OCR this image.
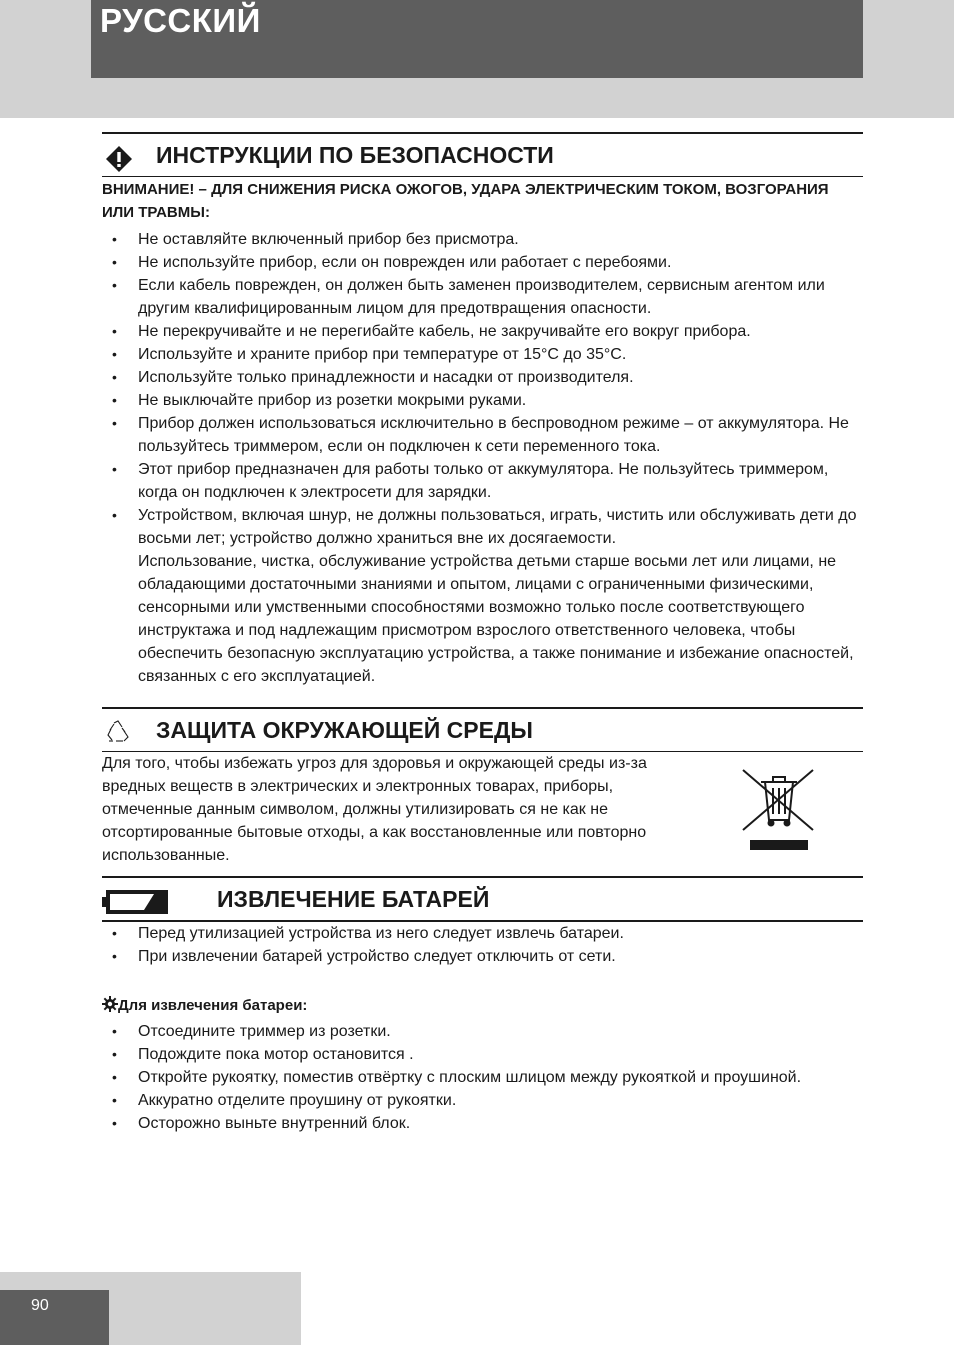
РУССКИЙ
ИНСТРУКЦИИ ПО БЕЗОПАСНОСТИ

ВНИМАНИЕ! – ДЛЯ СНИЖЕНИЯ РИСКА ОЖОГОВ, УДАРА ЭЛЕКТРИЧЕСКИМ ТОКОМ, ВОЗГОРАНИЯ ИЛИ ТРАВМЫ:

• Не оставляйте включенный прибор без присмотра.
• Не используйте прибор, если он поврежден или работает с перебоями.
• Если кабель поврежден, он должен быть заменен производителем, сервисным агентом или другим квалифицированным лицом для предотвращения опасности.
• Не перекручивайте и не перегибайте кабель, не закручивайте его вокруг прибора.
• Используйте и храните прибор при температуре от 15°C до 35°C.
• Используйте только принадлежности и насадки от производителя.
• Не выключайте прибор из розетки мокрыми руками.
• Прибор должен использоваться исключительно в беспроводном режиме – от аккумулятора. Не пользуйтесь триммером, если он подключен к сети переменного тока.
• Этот прибор предназначен для работы только от аккумулятора. Не пользуйтесь триммером, когда он подключен к электросети для зарядки.
• Устройством, включая шнур, не должны пользоваться, играть, чистить или обслуживать дети до восьми лет; устройство должно храниться вне их досягаемости.
Использование, чистка, обслуживание устройства детьми старше восьми лет или лицами, не обладающими достаточными знаниями и опытом, лицами с ограниченными физическими, сенсорными или умственными способностями возможно только после соответствующего инструктажа и под надлежащим присмотром взрослого ответственного человека, чтобы обеспечить безопасную эксплуатацию устройства, а также понимание и избежание опасностей, связанных с его эксплуатацией.
ЗАЩИТА ОКРУЖАЮЩЕЙ СРЕДЫ

Для того, чтобы избежать угроз для здоровья и окружающей среды из-за вредных веществ в электрических и электронных товарах, приборы, отмеченные данным символом, должны утилизировать ся не как не отсортированные бытовые отходы, а как восстановленные или повторно использованные.

ИЗВЛЕЧЕНИЕ БАТАРЕЙ
• Перед утилизацией устройства из него следует извлечь батареи.
• При извлечении батарей устройство следует отключить от сети.

Для извлечения батареи:

• Отсоедините триммер из розетки.
• Подождите пока мотор остановится .
• Откройте рукоятку, поместив отвёртку с плоским шлицом между рукояткой и проушиной.
• Аккуратно отделите проушину от рукоятки.
• Осторожно выньте внутренний блок.
90
